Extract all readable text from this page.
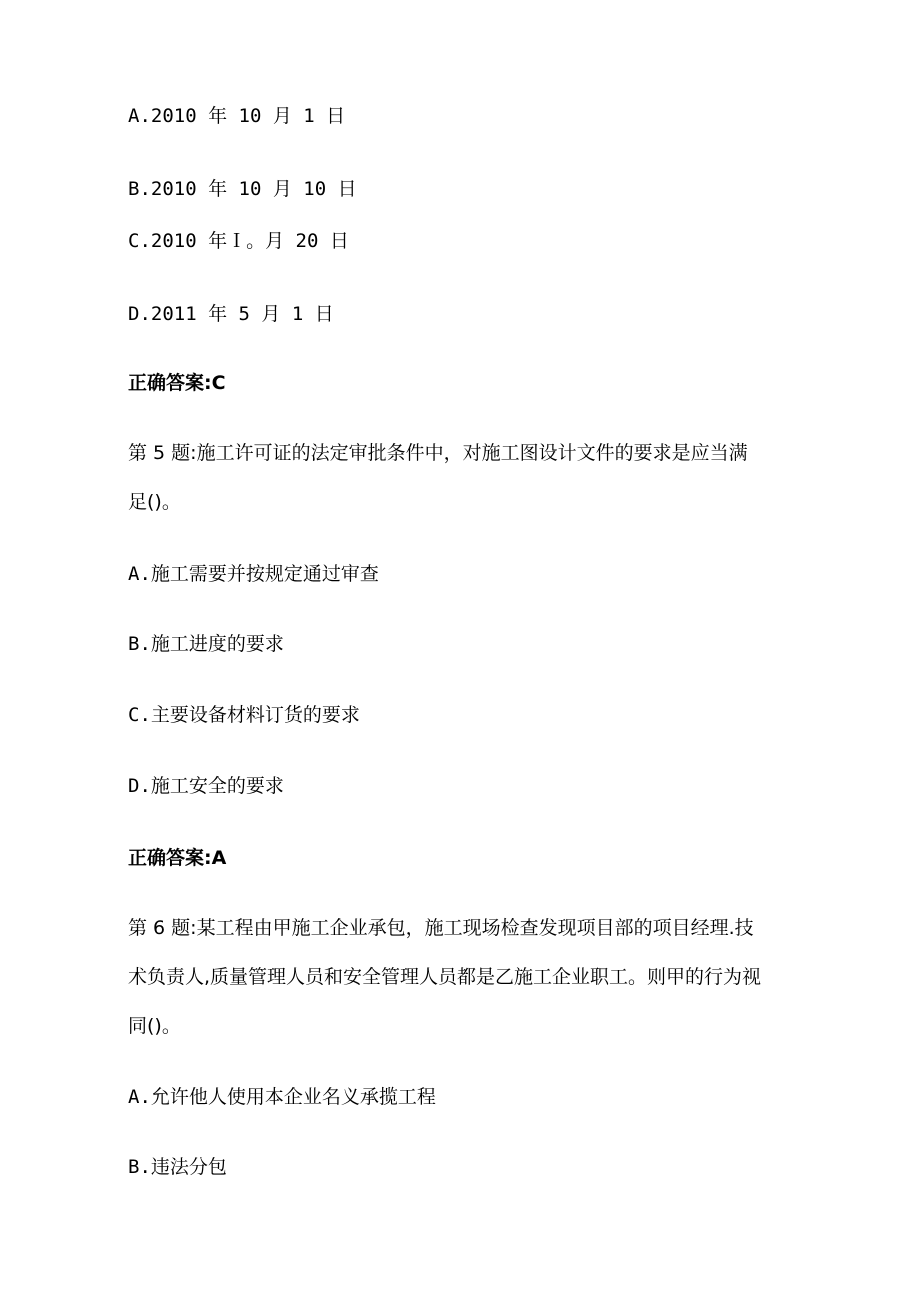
A.2010 年 10 月 1 日

B.2010 年 10 月 10 日

C.2010 年Ｉ。月 20 日

D.2011 年 5 月 1 日

正确答案:C

第 5 题:施工许可证的法定审批条件中，对施工图设计文件的要求是应当满

足()。

A.施工需要并按规定通过审查

B.施工进度的要求

C.主要设备材料订货的要求

D.施工安全的要求

正确答案:A

第 6 题:某工程由甲施工企业承包，施工现场检查发现项目部的项目经理.技

术负责人,质量管理人员和安全管理人员都是乙施工企业职工。则甲的行为视

同()。

A.允许他人使用本企业名义承揽工程

B.违法分包
